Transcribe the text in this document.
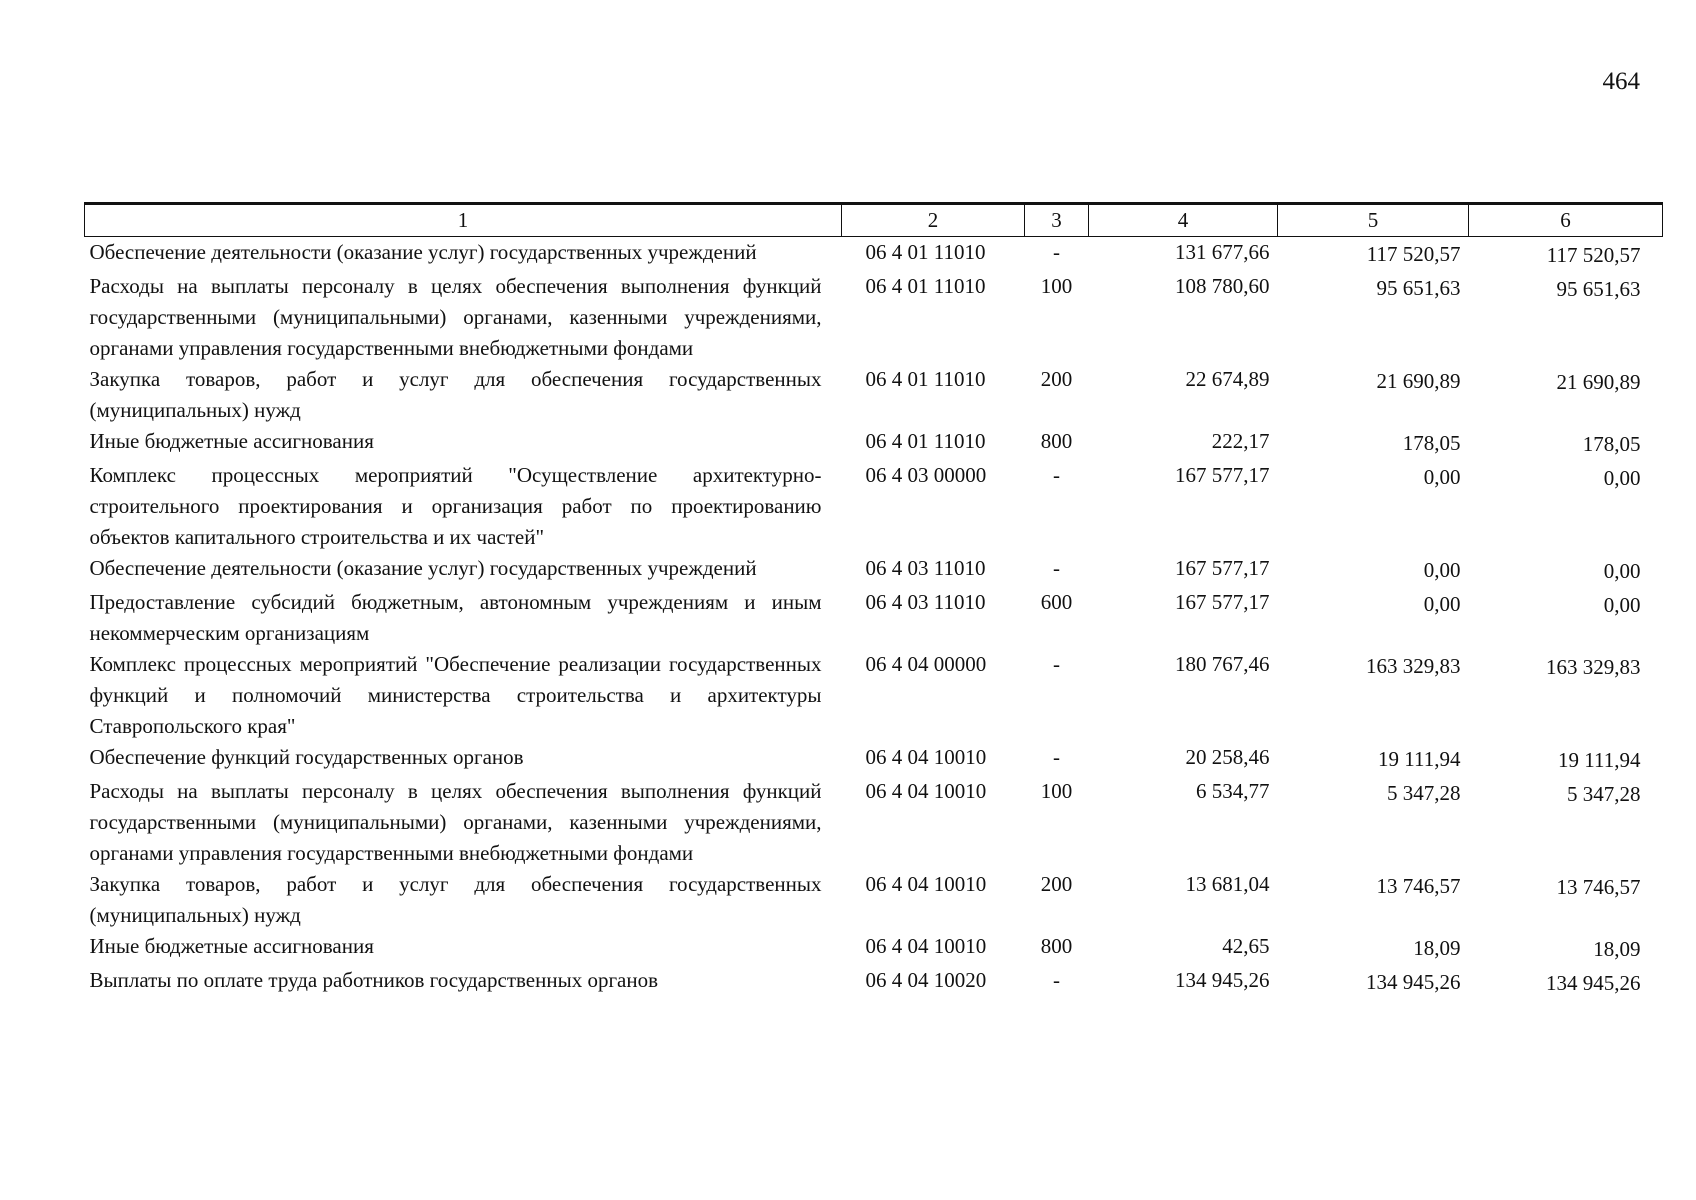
464
1	2	3	4	5	6
Обеспечение деятельности (оказание услуг) государственных учреждений	06 4 01 11010	-	131 677,66	117 520,57	117 520,57
Расходы на выплаты персоналу в целях обеспечения выполнения функций государственными (муниципальными) органами, казенными учреждениями, органами управления государственными внебюджетными фондами	06 4 01 11010	100	108 780,60	95 651,63	95 651,63
Закупка товаров, работ и услуг для обеспечения государственных (муниципальных) нужд	06 4 01 11010	200	22 674,89	21 690,89	21 690,89
Иные бюджетные ассигнования	06 4 01 11010	800	222,17	178,05	178,05
Комплекс процессных мероприятий "Осуществление архитектурно-строительного проектирования и организация работ по проектированию объектов капитального строительства и их частей"	06 4 03 00000	-	167 577,17	0,00	0,00
Обеспечение деятельности (оказание услуг) государственных учреждений	06 4 03 11010	-	167 577,17	0,00	0,00
Предоставление субсидий бюджетным, автономным учреждениям и иным некоммерческим организациям	06 4 03 11010	600	167 577,17	0,00	0,00
Комплекс процессных мероприятий "Обеспечение реализации государственных функций и полномочий министерства строительства и архитектуры Ставропольского края"	06 4 04 00000	-	180 767,46	163 329,83	163 329,83
Обеспечение функций государственных органов	06 4 04 10010	-	20 258,46	19 111,94	19 111,94
Расходы на выплаты персоналу в целях обеспечения выполнения функций государственными (муниципальными) органами, казенными учреждениями, органами управления государственными внебюджетными фондами	06 4 04 10010	100	6 534,77	5 347,28	5 347,28
Закупка товаров, работ и услуг для обеспечения государственных (муниципальных) нужд	06 4 04 10010	200	13 681,04	13 746,57	13 746,57
Иные бюджетные ассигнования	06 4 04 10010	800	42,65	18,09	18,09
Выплаты по оплате труда работников государственных органов	06 4 04 10020	-	134 945,26	134 945,26	134 945,26
